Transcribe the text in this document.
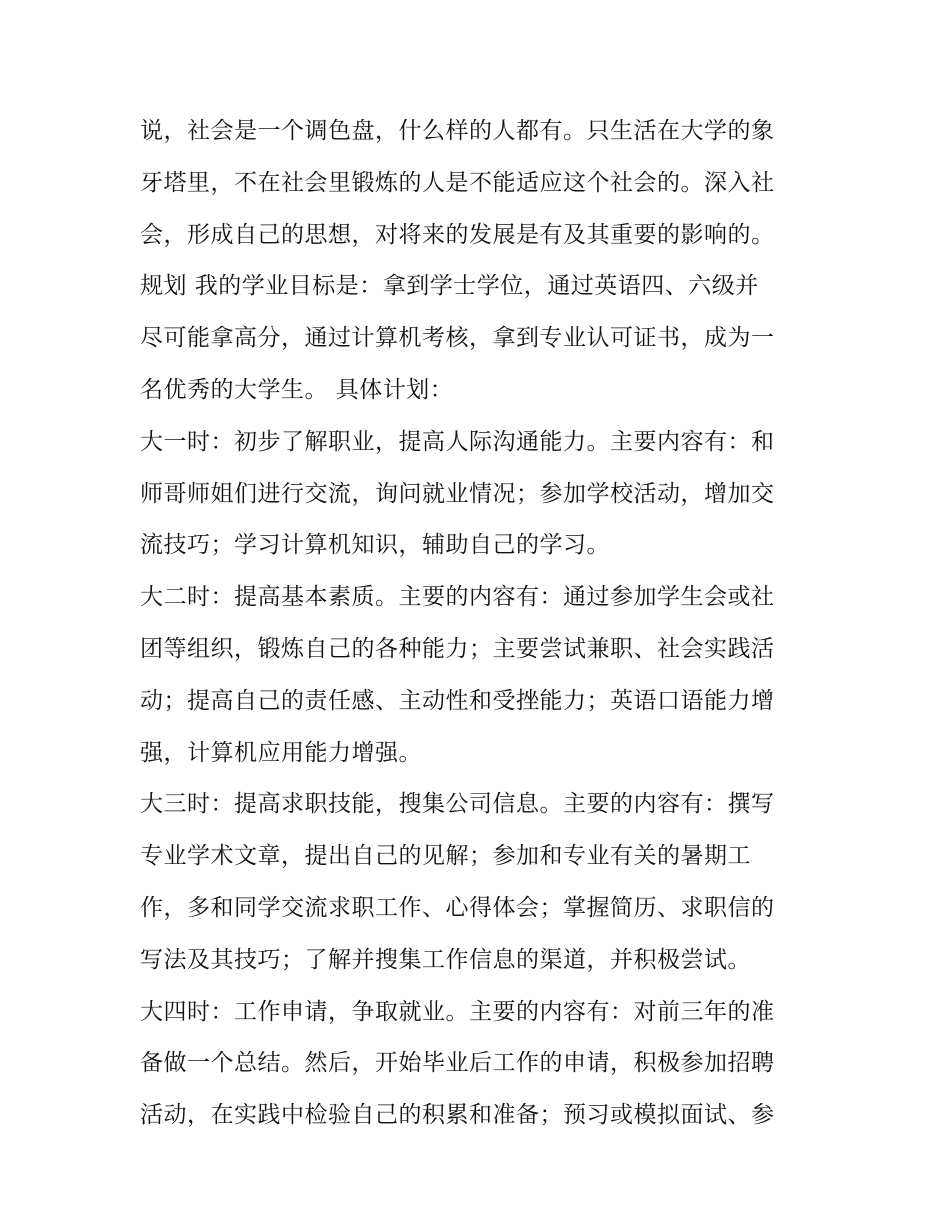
说，社会是一个调色盘，什么样的人都有。只生活在大学的象
牙塔里，不在社会里锻炼的人是不能适应这个社会的。深入社
会，形成自己的思想，对将来的发展是有及其重要的影响的。
规划 我的学业目标是：拿到学士学位，通过英语四、六级并
尽可能拿高分，通过计算机考核，拿到专业认可证书，成为一
名优秀的大学生。 具体计划：
大一时：初步了解职业，提高人际沟通能力。主要内容有：和
师哥师姐们进行交流，询问就业情况；参加学校活动，增加交
流技巧；学习计算机知识，辅助自己的学习。
大二时：提高基本素质。主要的内容有：通过参加学生会或社
团等组织，锻炼自己的各种能力；主要尝试兼职、社会实践活
动；提高自己的责任感、主动性和受挫能力；英语口语能力增
强，计算机应用能力增强。
大三时：提高求职技能，搜集公司信息。主要的内容有：撰写
专业学术文章，提出自己的见解；参加和专业有关的暑期工
作，多和同学交流求职工作、心得体会；掌握简历、求职信的
写法及其技巧；了解并搜集工作信息的渠道，并积极尝试。
大四时：工作申请，争取就业。主要的内容有：对前三年的准
备做一个总结。然后，开始毕业后工作的申请，积极参加招聘
活动，在实践中检验自己的积累和准备；预习或模拟面试、参
